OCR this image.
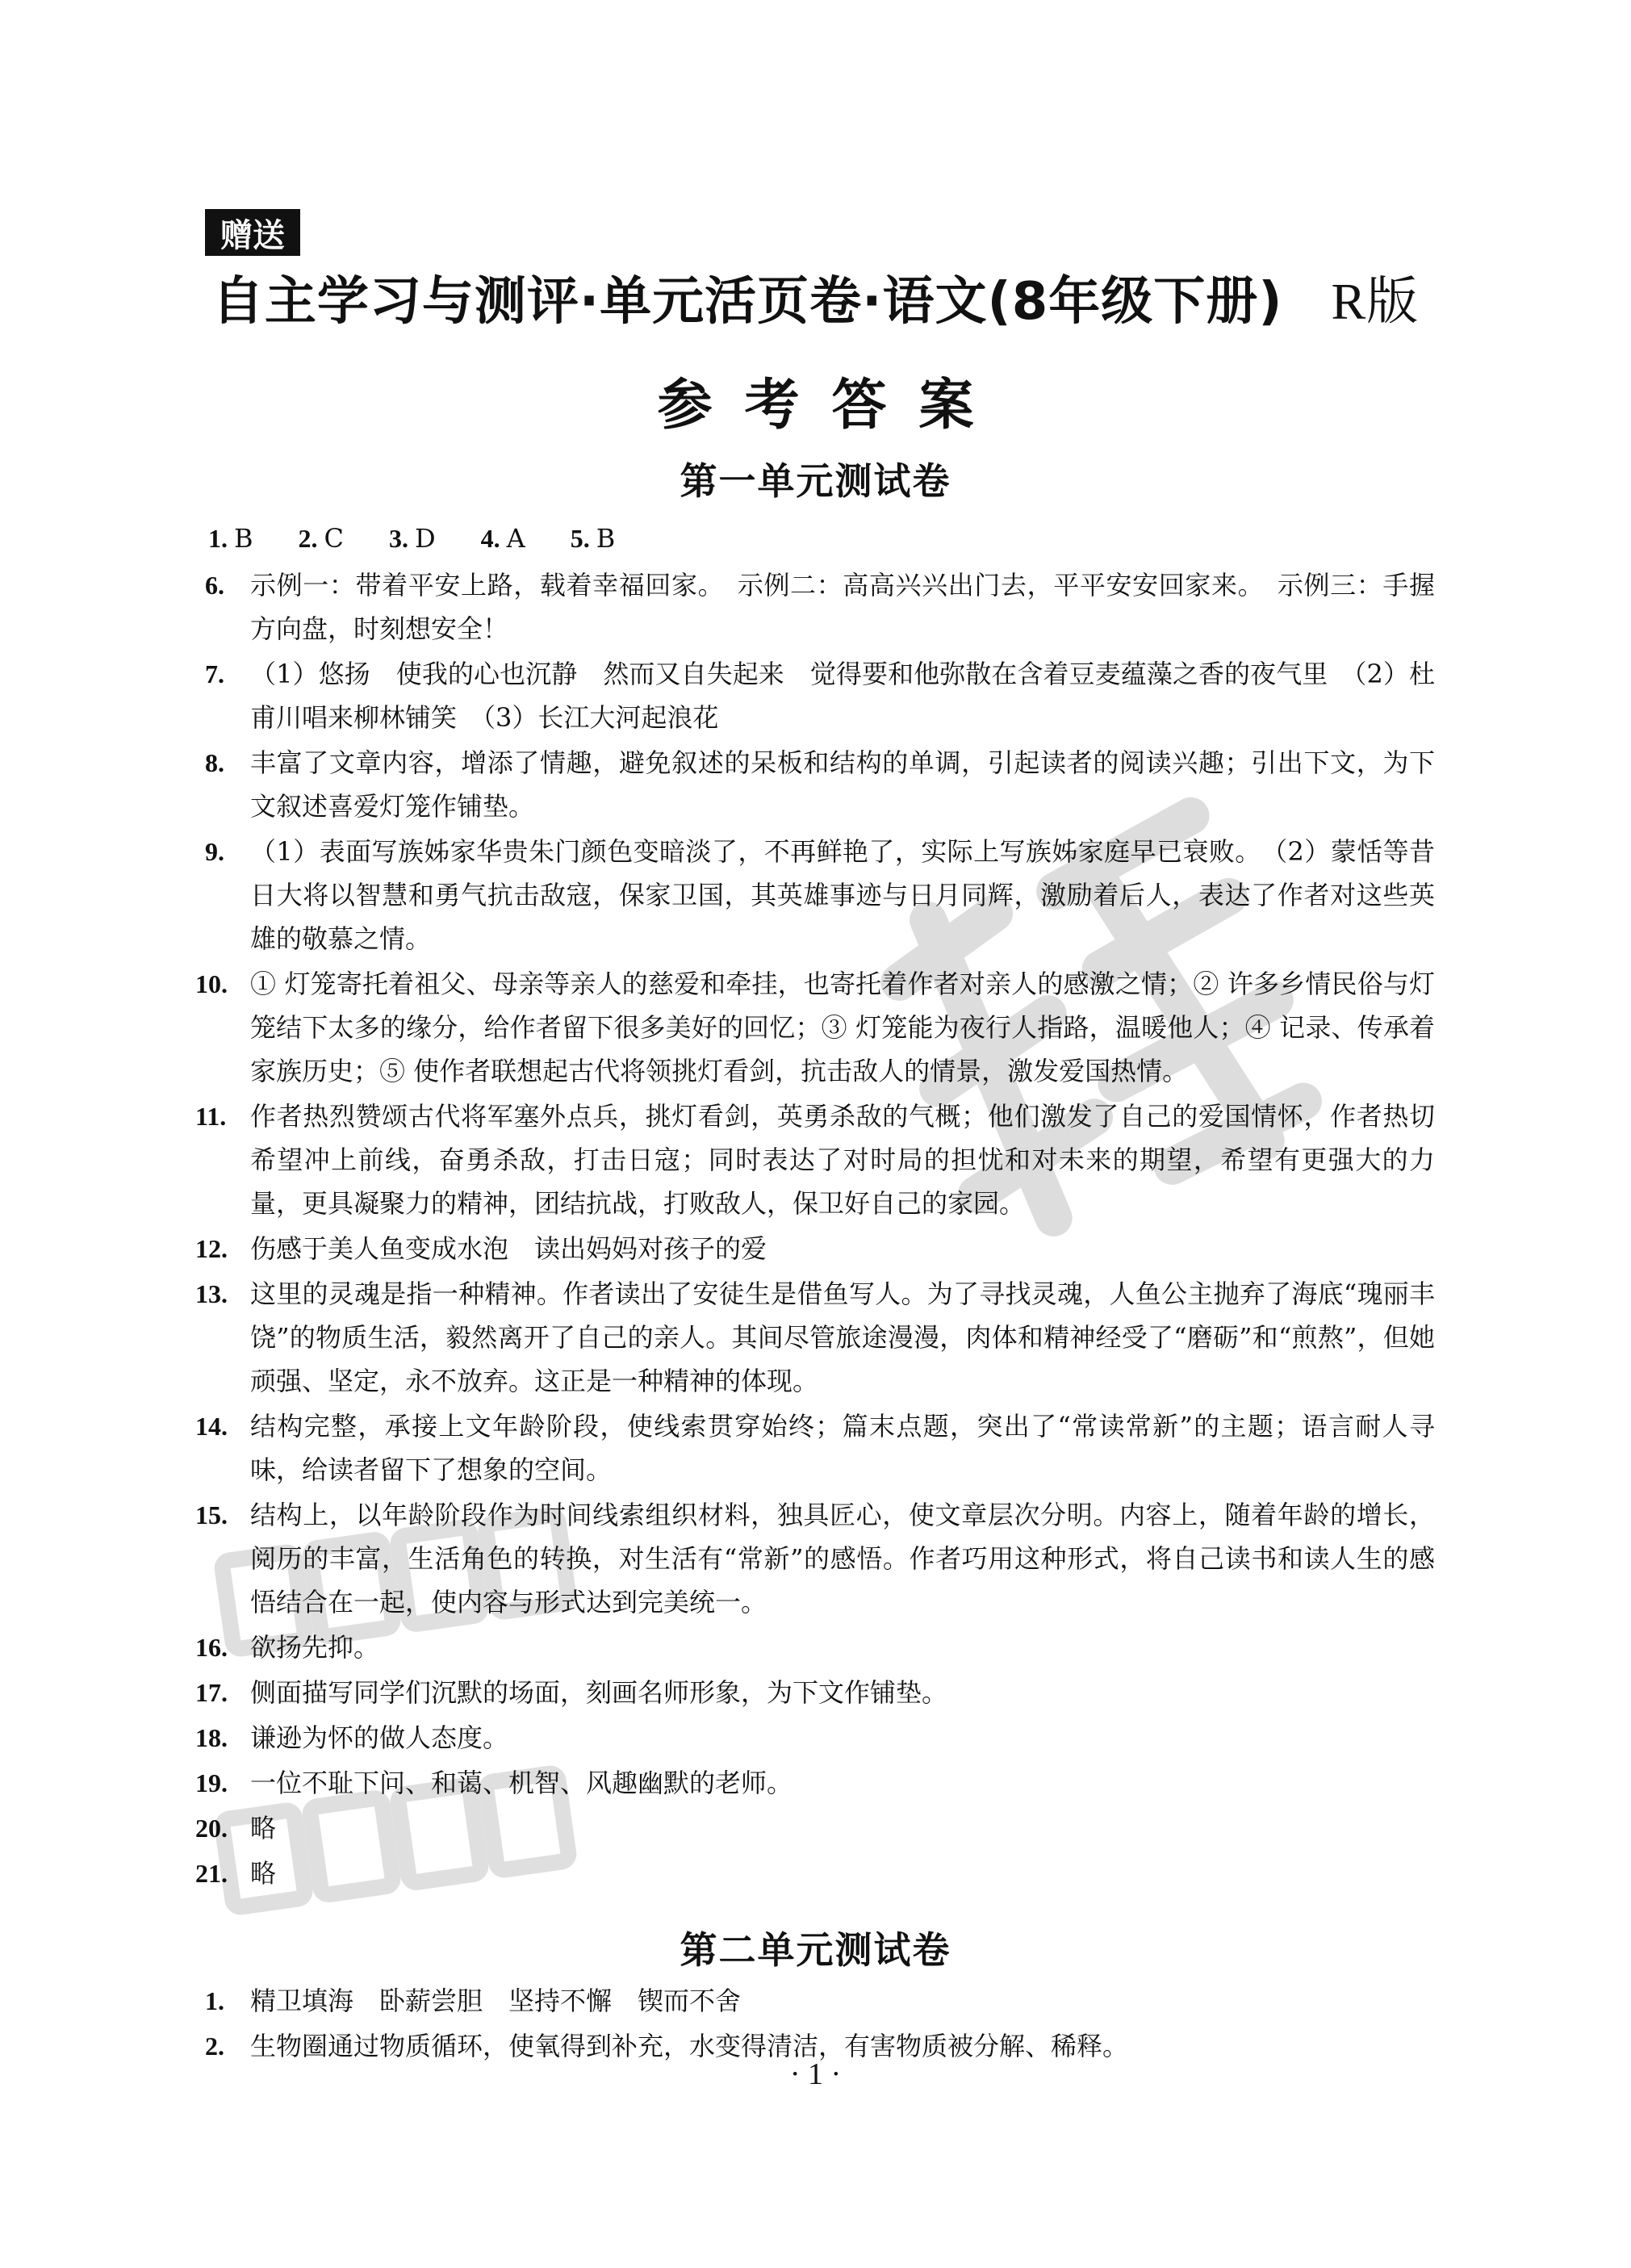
赠送
自主学习与测评·单元活页卷·语文(8年级下册) R版
参考答案
第一单元测试卷
1. B 2. C 3. D 4. A 5. B
6. 示例一：带着平安上路，载着幸福回家。　示例二：高高兴兴出门去，平平安安回家来。　示例三：手握方向盘，时刻想安全！
7. （1）悠扬　使我的心也沉静　然而又自失起来　觉得要和他弥散在含着豆麦蕴藻之香的夜气里　（2）杜甫川唱来柳林铺笑　（3）长江大河起浪花
8. 丰富了文章内容，增添了情趣，避免叙述的呆板和结构的单调，引起读者的阅读兴趣；引出下文，为下文叙述喜爱灯笼作铺垫。
9. （1）表面写族姊家华贵朱门颜色变暗淡了，不再鲜艳了，实际上写族姊家庭早已衰败。　（2）蒙恬等昔日大将以智慧和勇气抗击敌寇，保家卫国，其英雄事迹与日月同辉，激励着后人，表达了作者对这些英雄的敬慕之情。
10. ① 灯笼寄托着祖父、母亲等亲人的慈爱和牵挂，也寄托着作者对亲人的感激之情；② 许多乡情民俗与灯笼结下太多的缘分，给作者留下很多美好的回忆；③ 灯笼能为夜行人指路，温暖他人；④ 记录、传承着家族历史；⑤ 使作者联想起古代将领挑灯看剑，抗击敌人的情景，激发爱国热情。
11. 作者热烈赞颂古代将军塞外点兵，挑灯看剑，英勇杀敌的气概；他们激发了自己的爱国情怀，作者热切希望冲上前线，奋勇杀敌，打击日寇；同时表达了对时局的担忧和对未来的期望，希望有更强大的力量，更具凝聚力的精神，团结抗战，打败敌人，保卫好自己的家园。
12. 伤感于美人鱼变成水泡　读出妈妈对孩子的爱
13. 这里的灵魂是指一种精神。作者读出了安徒生是借鱼写人。为了寻找灵魂，人鱼公主抛弃了海底“瑰丽丰饶”的物质生活，毅然离开了自己的亲人。其间尽管旅途漫漫，肉体和精神经受了“磨砺”和“煎熬”，但她顽强、坚定，永不放弃。这正是一种精神的体现。
14. 结构完整，承接上文年龄阶段，使线索贯穿始终；篇末点题，突出了“常读常新”的主题；语言耐人寻味，给读者留下了想象的空间。
15. 结构上，以年龄阶段作为时间线索组织材料，独具匠心，使文章层次分明。内容上，随着年龄的增长，阅历的丰富，生活角色的转换，对生活有“常新”的感悟。作者巧用这种形式，将自己读书和读人生的感悟结合在一起，使内容与形式达到完美统一。
16. 欲扬先抑。
17. 侧面描写同学们沉默的场面，刻画名师形象，为下文作铺垫。
18. 谦逊为怀的做人态度。
19. 一位不耻下问、和蔼、机智、风趣幽默的老师。
20. 略
21. 略
第二单元测试卷
1. 精卫填海　卧薪尝胆　坚持不懈　锲而不舍
2. 生物圈通过物质循环，使氧得到补充，水变得清洁，有害物质被分解、稀释。
· 1 ·
